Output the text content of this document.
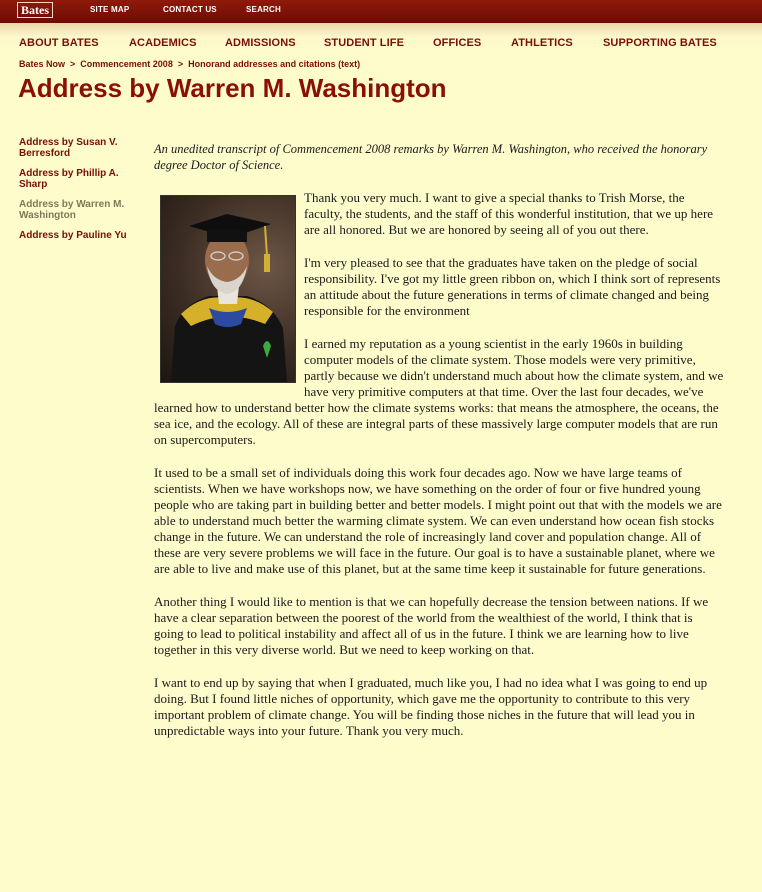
Bates	SITE MAP	CONTACT US	SEARCH
ABOUT BATES	ACADEMICS	ADMISSIONS	STUDENT LIFE	OFFICES	ATHLETICS	SUPPORTING BATES
Bates Now > Commencement 2008 > Honorand addresses and citations (text)
Address by Warren M. Washington
Address by Susan V. Berresford
Address by Phillip A. Sharp
Address by Warren M. Washington
Address by Pauline Yu

An unedited transcript of Commencement 2008 remarks by Warren M. Washington, who received the honorary degree Doctor of Science.

Thank you very much. I want to give a special thanks to Trish Morse, the faculty, the students, and the staff of this wonderful institution, that we up here are all honored. But we are honored by seeing all of you out there.

I'm very pleased to see that the graduates have taken on the pledge of social responsibility. I've got my little green ribbon on, which I think sort of represents an attitude about the future generations in terms of climate changed and being responsible for the environment

I earned my reputation as a young scientist in the early 1960s in building computer models of the climate system. Those models were very primitive, partly because we didn't understand much about how the climate system, and we have very primitive computers at that time. Over the last four decades, we've learned how to understand better how the climate systems works: that means the atmosphere, the oceans, the sea ice, and the ecology. All of these are integral parts of these massively large computer models that are run on supercomputers.

It used to be a small set of individuals doing this work four decades ago. Now we have large teams of scientists. When we have workshops now, we have something on the order of four or five hundred young people who are taking part in building better and better models. I might point out that with the models we are able to understand much better the warming climate system. We can even understand how ocean fish stocks change in the future. We can understand the role of increasingly land cover and population change. All of these are very severe problems we will face in the future. Our goal is to have a sustainable planet, where we are able to live and make use of this planet, but at the same time keep it sustainable for future generations.

Another thing I would like to mention is that we can hopefully decrease the tension between nations. If we have a clear separation between the poorest of the world from the wealthiest of the world, I think that is going to lead to political instability and affect all of us in the future. I think we are learning how to live together in this very diverse world. But we need to keep working on that.

I want to end up by saying that when I graduated, much like you, I had no idea what I was going to end up doing. But I found little niches of opportunity, which gave me the opportunity to contribute to this very important problem of climate change. You will be finding those niches in the future that will lead you in unpredictable ways into your future. Thank you very much.
